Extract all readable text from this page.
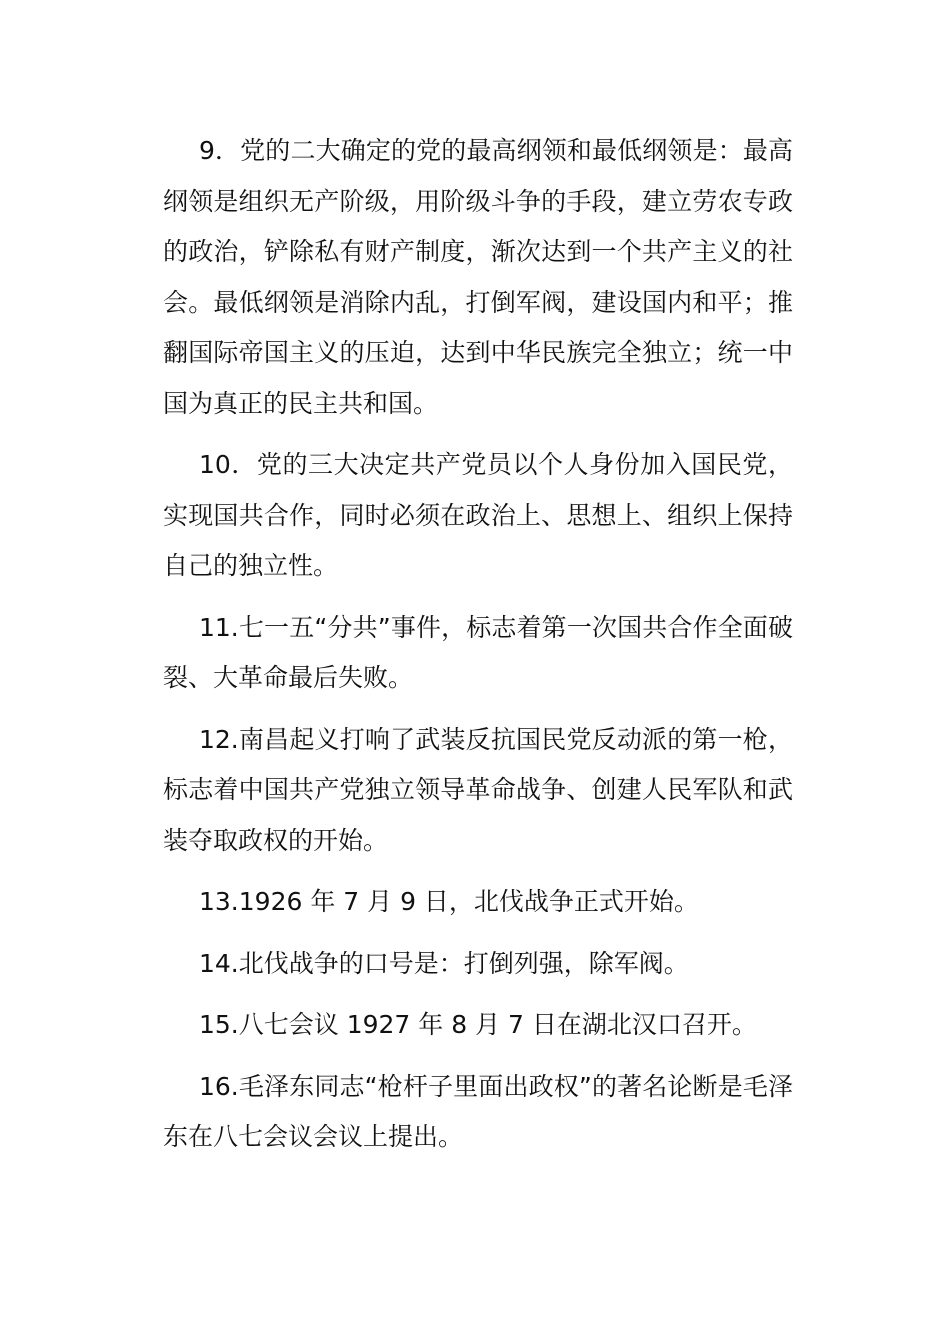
9．党的二大确定的党的最高纲领和最低纲领是：最高纲领是组织无产阶级，用阶级斗争的手段，建立劳农专政的政治，铲除私有财产制度，渐次达到一个共产主义的社会。最低纲领是消除内乱，打倒军阀，建设国内和平；推翻国际帝国主义的压迫，达到中华民族完全独立；统一中国为真正的民主共和国。

10．党的三大决定共产党员以个人身份加入国民党，实现国共合作，同时必须在政治上、思想上、组织上保持自己的独立性。

11.七一五“分共”事件，标志着第一次国共合作全面破裂、大革命最后失败。

12.南昌起义打响了武装反抗国民党反动派的第一枪，标志着中国共产党独立领导革命战争、创建人民军队和武装夺取政权的开始。

13.1926 年 7 月 9 日，北伐战争正式开始。

14.北伐战争的口号是：打倒列强，除军阀。

15.八七会议 1927 年 8 月 7 日在湖北汉口召开。

16.毛泽东同志“枪杆子里面出政权”的著名论断是毛泽东在八七会议会议上提出。
